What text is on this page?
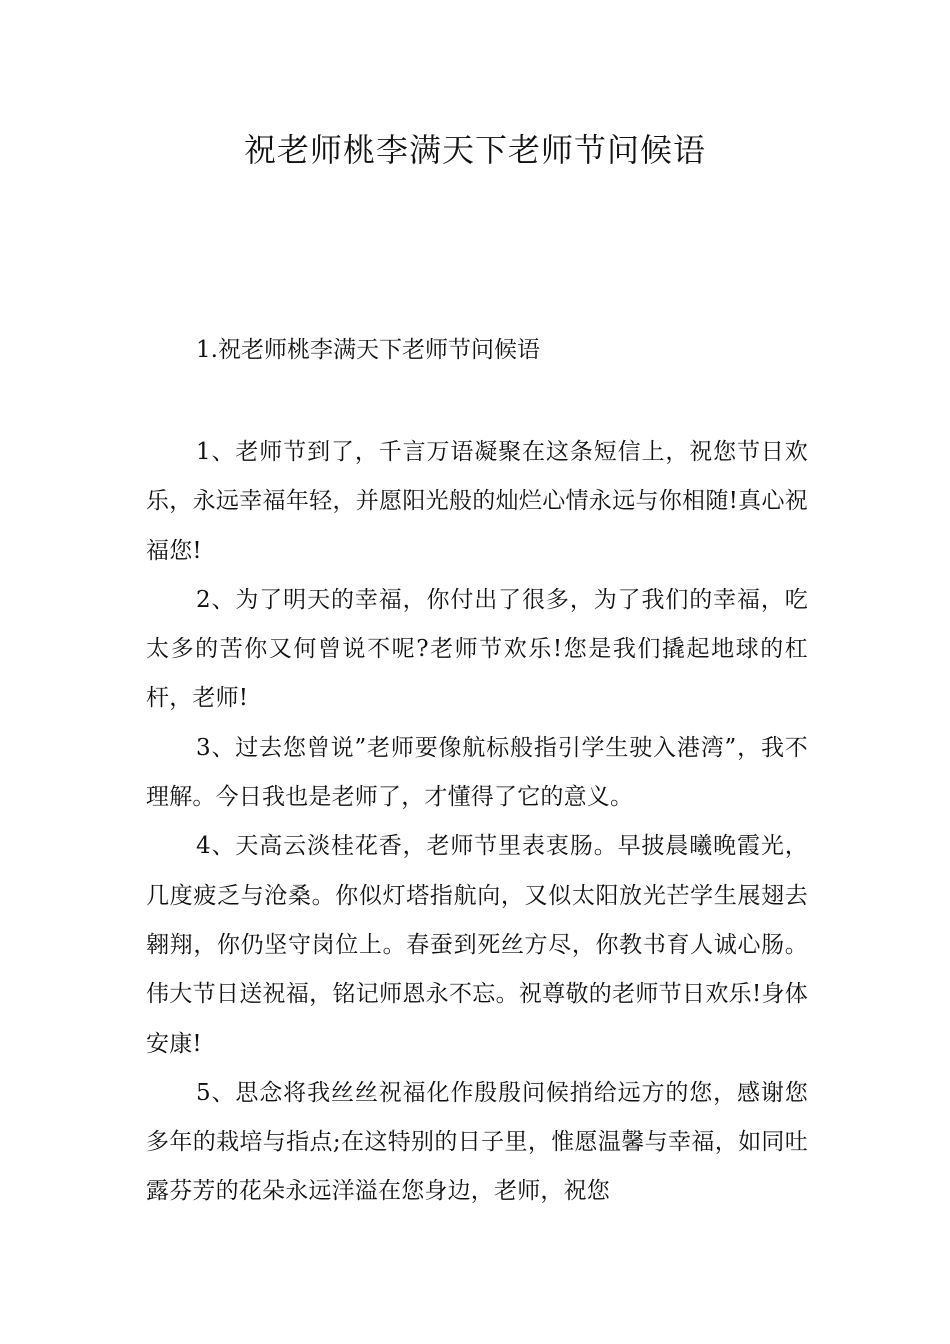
祝老师桃李满天下老师节问候语
1.祝老师桃李满天下老师节问候语

1、老师节到了，千言万语凝聚在这条短信上，祝您节日欢乐，永远幸福年轻，并愿阳光般的灿烂心情永远与你相随!真心祝福您!

2、为了明天的幸福，你付出了很多，为了我们的幸福，吃太多的苦你又何曾说不呢?老师节欢乐!您是我们撬起地球的杠杆，老师!

3、过去您曾说”老师要像航标般指引学生驶入港湾”，我不理解。今日我也是老师了，才懂得了它的意义。

4、天高云淡桂花香，老师节里表衷肠。早披晨曦晚霞光，几度疲乏与沧桑。你似灯塔指航向，又似太阳放光芒学生展翅去翱翔，你仍坚守岗位上。春蚕到死丝方尽，你教书育人诚心肠。伟大节日送祝福，铭记师恩永不忘。祝尊敬的老师节日欢乐!身体安康!

5、思念将我丝丝祝福化作殷殷问候捎给远方的您，感谢您多年的栽培与指点;在这特别的日子里，惟愿温馨与幸福，如同吐露芬芳的花朵永远洋溢在您身边，老师，祝您
